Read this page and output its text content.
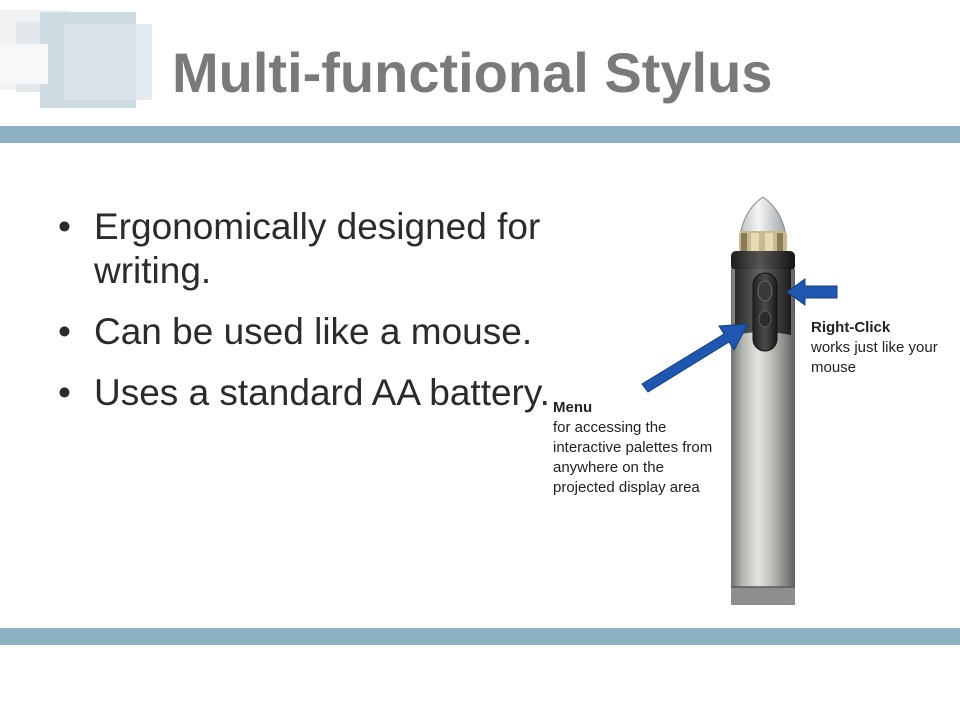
Multi-functional Stylus
• Ergonomically designed for writing.
• Can be used like a mouse.
• Uses a standard AA battery. Menu
for accessing the interactive palettes from anywhere on the projected display area
Right-Click
works just like your mouse
